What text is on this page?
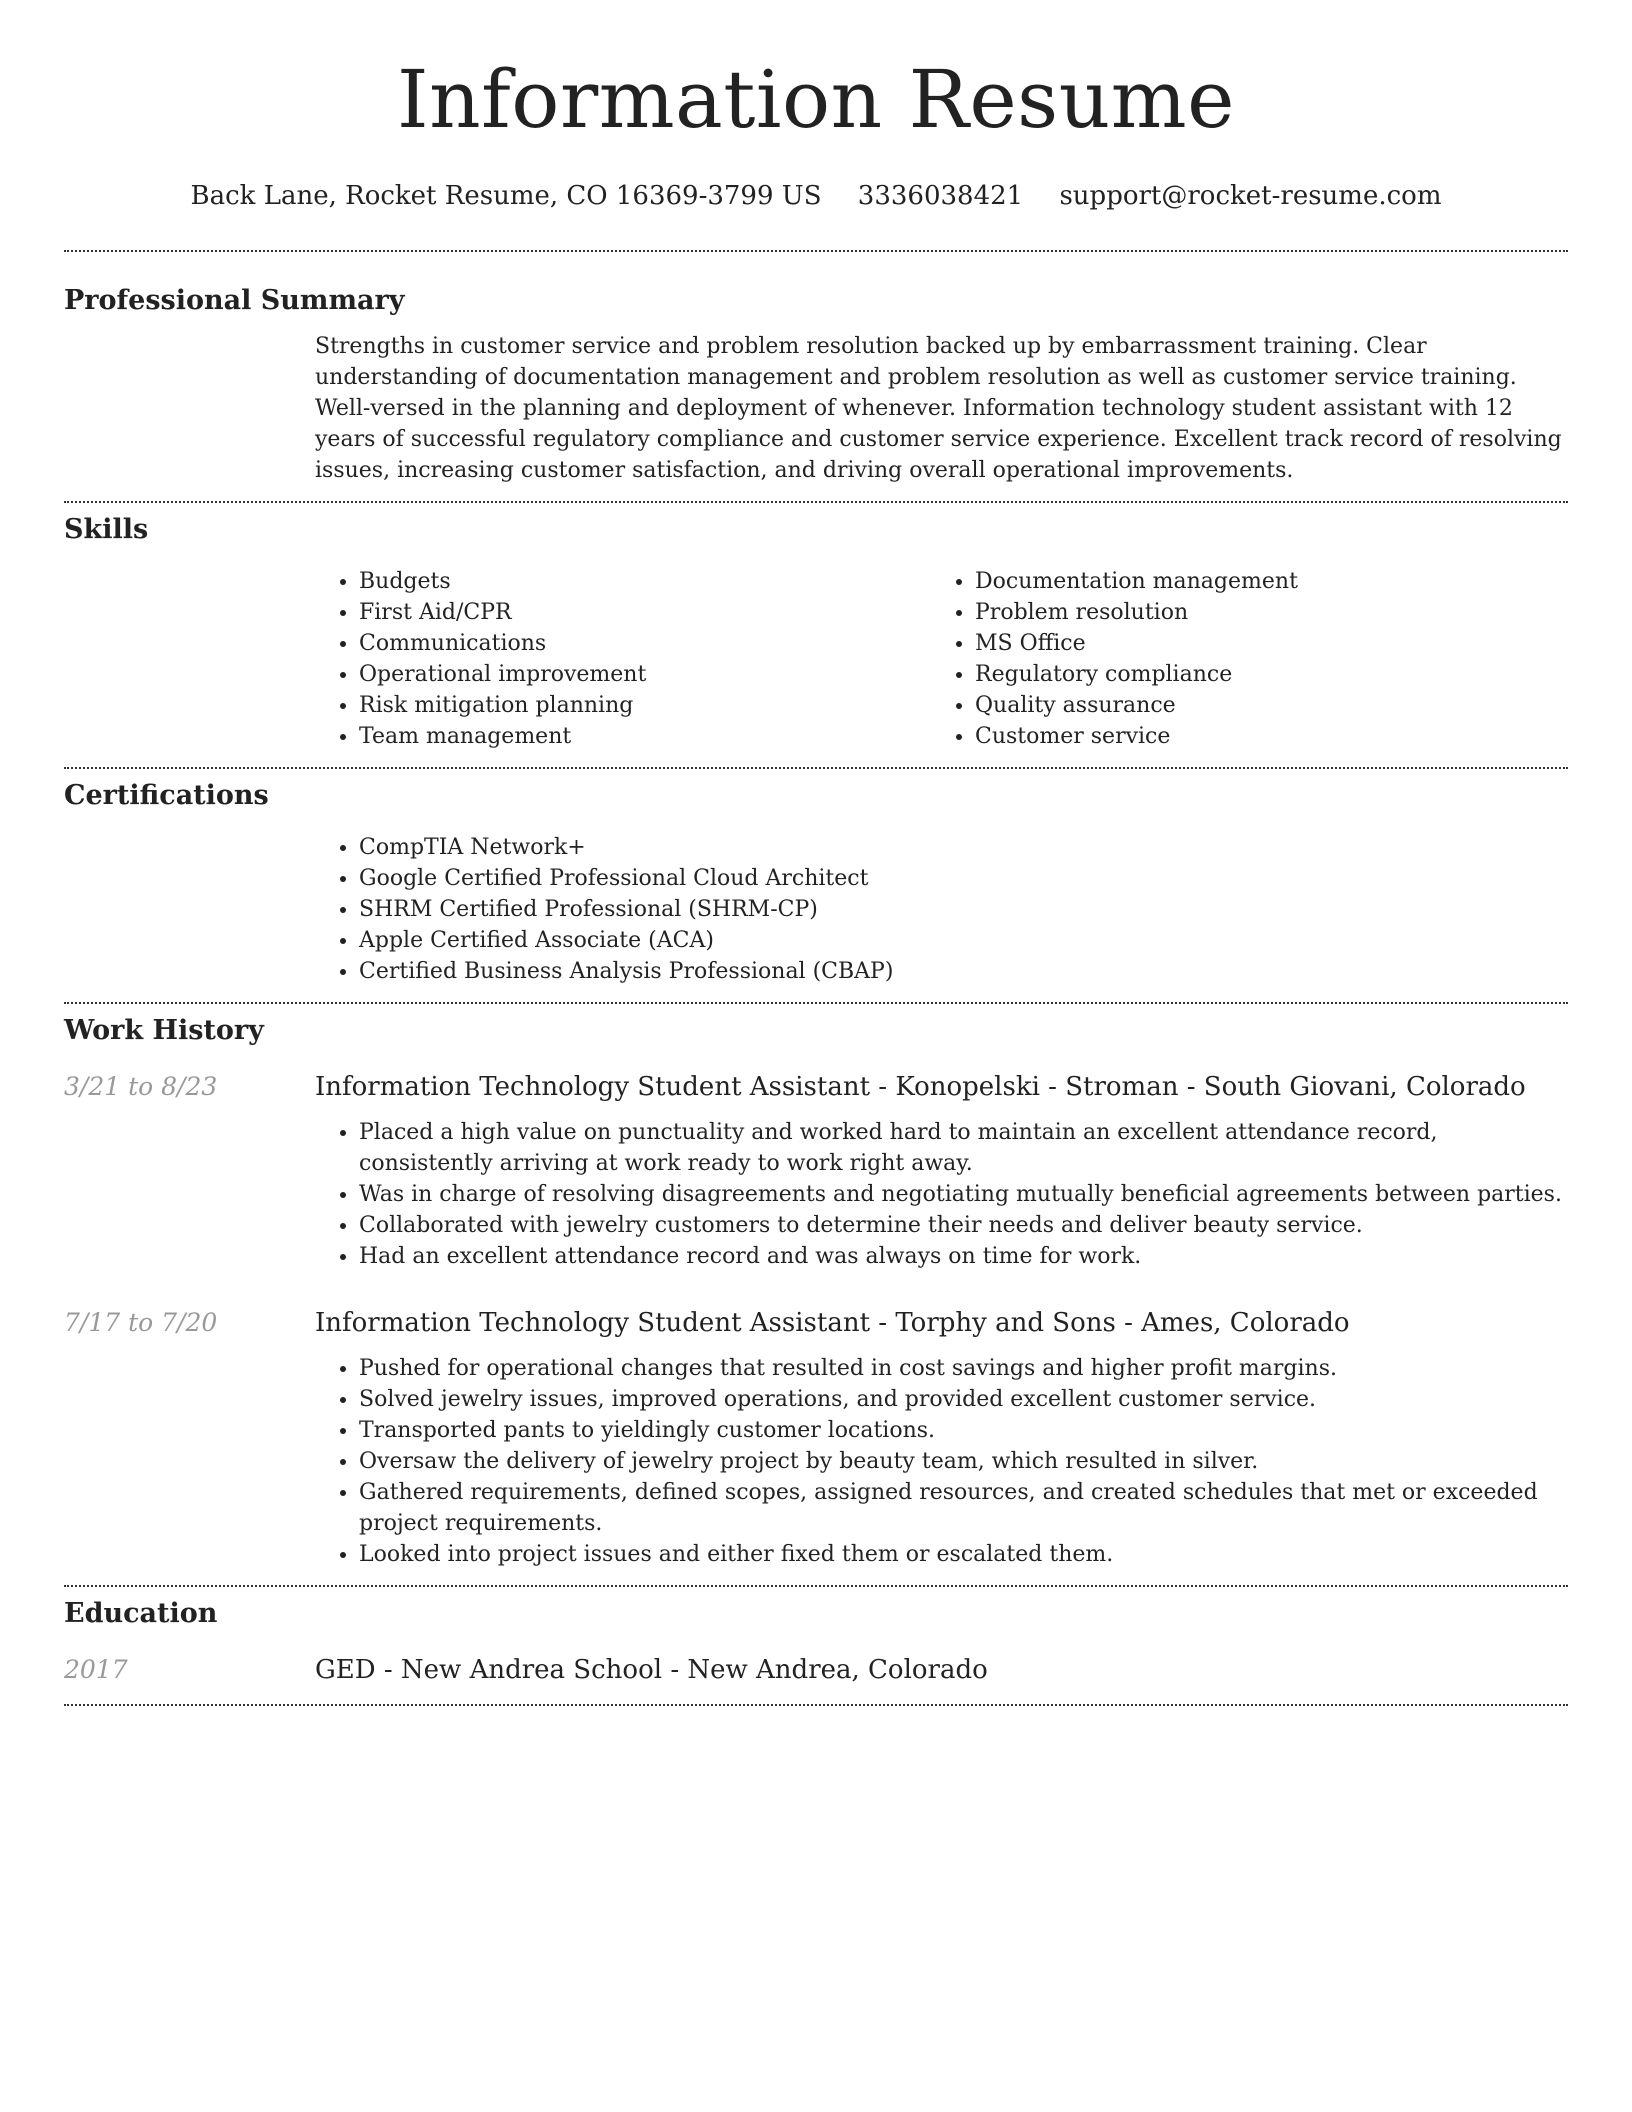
Information Resume
Back Lane, Rocket Resume, CO 16369-3799 US 3336038421 support@rocket-resume.com
Professional Summary
Strengths in customer service and problem resolution backed up by embarrassment training. Clear understanding of documentation management and problem resolution as well as customer service training. Well-versed in the planning and deployment of whenever. Information technology student assistant with 12 years of successful regulatory compliance and customer service experience. Excellent track record of resolving issues, increasing customer satisfaction, and driving overall operational improvements.
Skills
• Budgets
• First Aid/CPR
• Communications
• Operational improvement
• Risk mitigation planning
• Team management
• Documentation management
• Problem resolution
• MS Office
• Regulatory compliance
• Quality assurance
• Customer service
Certifications
• CompTIA Network+
• Google Certified Professional Cloud Architect
• SHRM Certified Professional (SHRM-CP)
• Apple Certified Associate (ACA)
• Certified Business Analysis Professional (CBAP)
Work History
3/21 to 8/23	Information Technology Student Assistant - Konopelski - Stroman - South Giovani, Colorado
• Placed a high value on punctuality and worked hard to maintain an excellent attendance record, consistently arriving at work ready to work right away.
• Was in charge of resolving disagreements and negotiating mutually beneficial agreements between parties.
• Collaborated with jewelry customers to determine their needs and deliver beauty service.
• Had an excellent attendance record and was always on time for work.
7/17 to 7/20	Information Technology Student Assistant - Torphy and Sons - Ames, Colorado
• Pushed for operational changes that resulted in cost savings and higher profit margins.
• Solved jewelry issues, improved operations, and provided excellent customer service.
• Transported pants to yieldingly customer locations.
• Oversaw the delivery of jewelry project by beauty team, which resulted in silver.
• Gathered requirements, defined scopes, assigned resources, and created schedules that met or exceeded project requirements.
• Looked into project issues and either fixed them or escalated them.
Education
2017	GED - New Andrea School - New Andrea, Colorado
